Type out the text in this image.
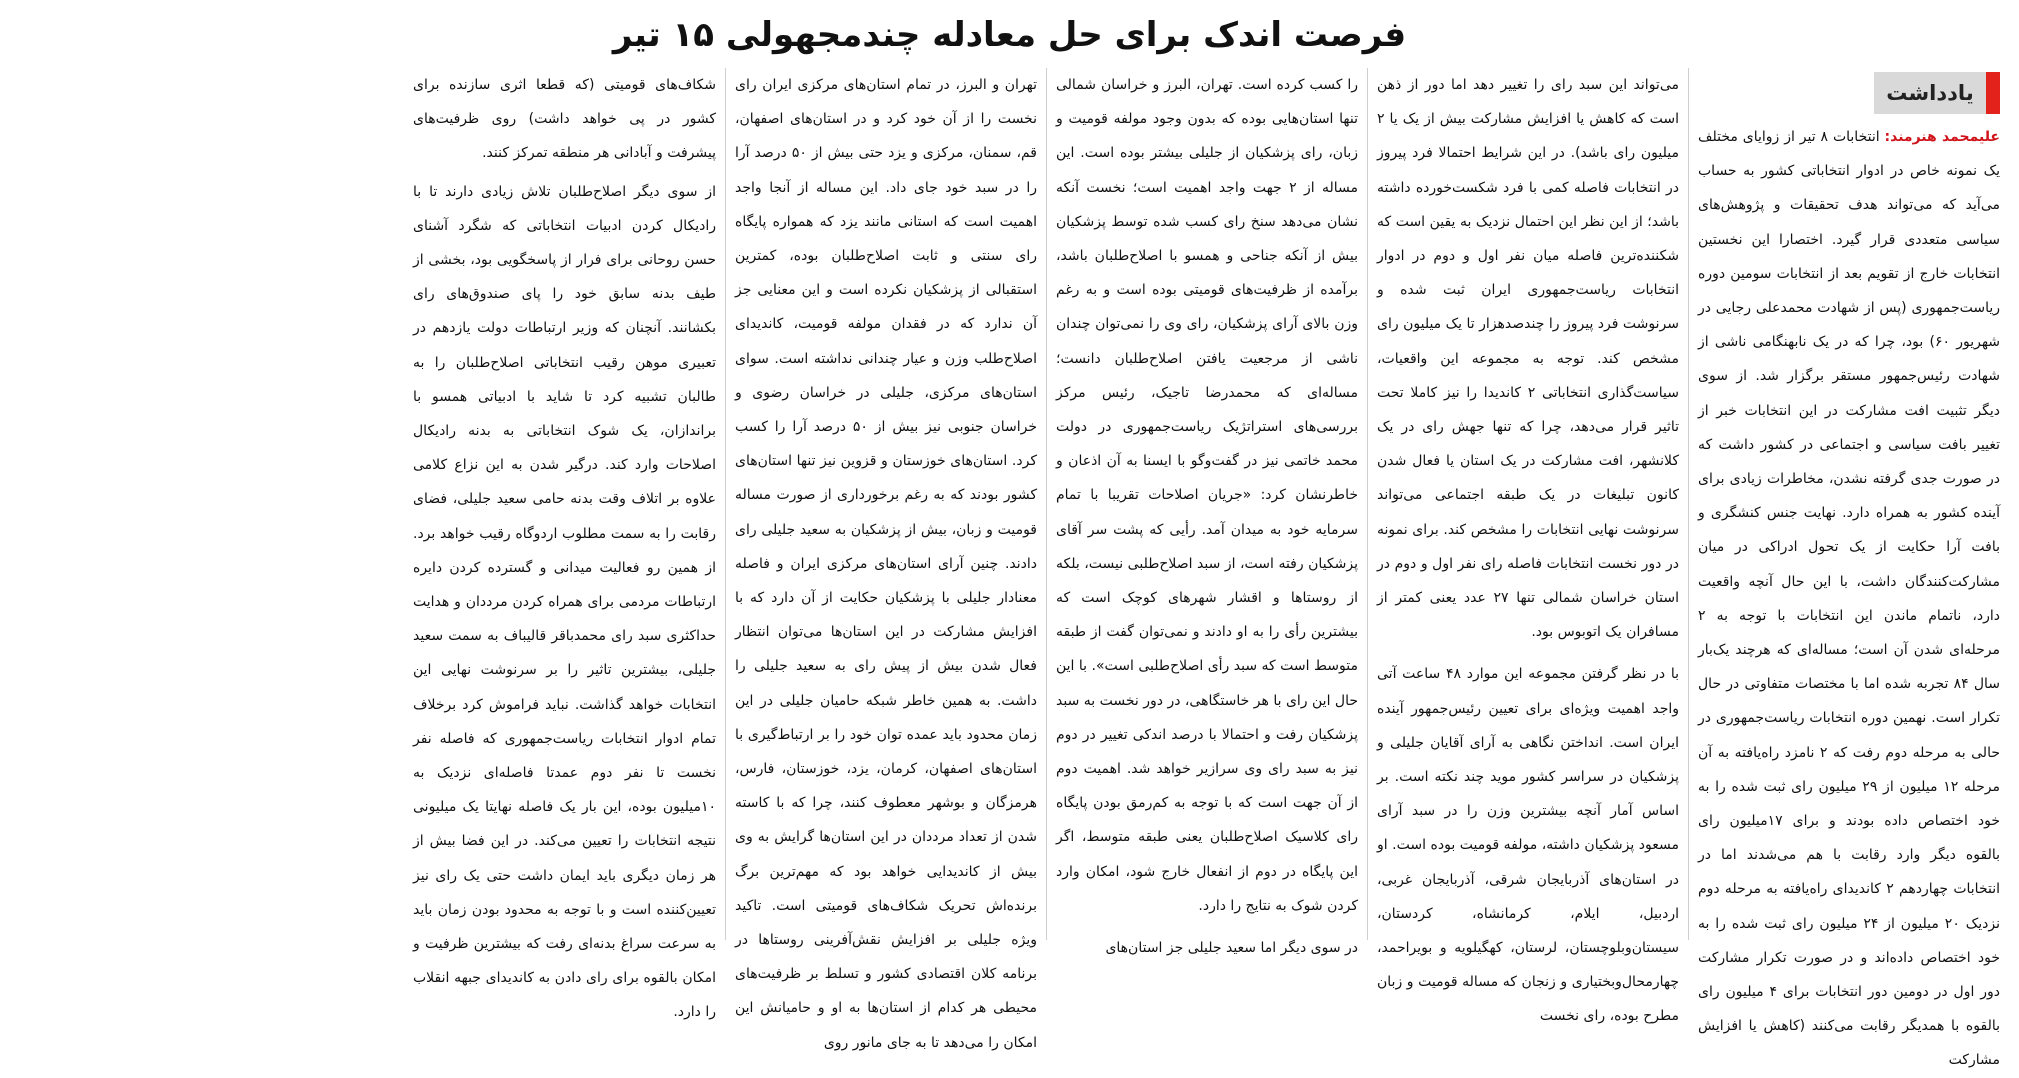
فرصت اندک برای حل معادله چندمجهولی ۱۵ تیر
یادداشت

علیمحمد هنرمند: انتخابات ۸ تیر از زوایای مختلف یک نمونه خاص در ادوار انتخاباتی کشور به حساب می‌آید که می‌تواند هدف تحقیقات و پژوهش‌های سیاسی متعددی قرار گیرد. اختصارا این نخستین انتخابات خارج از تقویم بعد از انتخابات سومین دوره ریاست‌جمهوری (پس از شهادت محمدعلی رجایی در شهریور ۶۰) بود، چرا که در یک نابهنگامی ناشی از شهادت رئیس‌جمهور مستقر برگزار شد. از سوی دیگر تثبیت افت مشارکت در این انتخابات خبر از تغییر بافت سیاسی و اجتماعی در کشور داشت که در صورت جدی گرفته نشدن، مخاطرات زیادی برای آینده کشور به همراه دارد. نهایت جنس کنشگری و بافت آرا حکایت از یک تحول ادراکی در میان مشارکت‌کنندگان داشت، با این حال آنچه واقعیت دارد، ناتمام ماندن این انتخابات با توجه به ۲ مرحله‌ای شدن آن است؛ مساله‌ای که هرچند یک‌بار سال ۸۴ تجربه شده اما با مختصات متفاوتی در حال تکرار است. نهمین دوره انتخابات ریاست‌جمهوری در حالی به مرحله دوم رفت که ۲ نامزد راه‌یافته به آن مرحله ۱۲ میلیون از ۲۹ میلیون رای ثبت شده را به خود اختصاص داده بودند و برای ۱۷میلیون رای بالقوه دیگر وارد رقابت با هم می‌شدند اما در انتخابات چهاردهم ۲ کاندیدای راه‌یافته به مرحله دوم نزدیک ۲۰ میلیون از ۲۴ میلیون رای ثبت شده را به خود اختصاص داده‌اند و در صورت تکرار مشارکت دور اول در دومین دور انتخابات برای ۴ میلیون رای بالقوه با همدیگر رقابت می‌کنند (کاهش یا افزایش مشارکت

می‌تواند این سبد رای را تغییر دهد اما دور از ذهن است که کاهش یا افزایش مشارکت بیش از یک یا ۲ میلیون رای باشد). در این شرایط احتمالا فرد پیروز در انتخابات فاصله کمی با فرد شکست‌خورده داشته باشد؛ از این نظر این احتمال نزدیک به یقین است که شکننده‌ترین فاصله میان نفر اول و دوم در ادوار انتخابات ریاست‌جمهوری ایران ثبت شده و سرنوشت فرد پیروز را چندصدهزار تا یک میلیون رای مشخص کند. توجه به مجموعه این واقعیات، سیاست‌گذاری انتخاباتی ۲ کاندیدا را نیز کاملا تحت تاثیر قرار می‌دهد، چرا که تنها جهش رای در یک کلانشهر، افت مشارکت در یک استان یا فعال شدن کانون تبلیغات در یک طبقه اجتماعی می‌تواند سرنوشت نهایی انتخابات را مشخص کند. برای نمونه در دور نخست انتخابات فاصله رای نفر اول و دوم در استان خراسان شمالی تنها ۲۷ عدد یعنی کمتر از مسافران یک اتوبوس بود.

با در نظر گرفتن مجموعه این موارد ۴۸ ساعت آتی واجد اهمیت ویژه‌ای برای تعیین رئیس‌جمهور آینده ایران است. انداختن نگاهی به آرای آقایان جلیلی و پزشکیان در سراسر کشور موید چند نکته است. بر اساس آمار آنچه بیشترین وزن را در سبد آرای مسعود پزشکیان داشته، مولفه قومیت بوده است. او در استان‌های آذربایجان شرقی، آذربایجان غربی، اردبیل، ایلام، کرمانشاه، کردستان، سیستان‌وبلوچستان، لرستان، کهگیلویه و بویراحمد، چهارمحال‌وبختیاری و زنجان که مساله قومیت و زبان مطرح بوده، رای نخست

را کسب کرده است. تهران، البرز و خراسان شمالی تنها استان‌هایی بوده که بدون وجود مولفه قومیت و زبان، رای پزشکیان از جلیلی بیشتر بوده است. این مساله از ۲ جهت واجد اهمیت است؛ نخست آنکه نشان می‌دهد سنخ رای کسب شده توسط پزشکیان بیش از آنکه جناحی و همسو با اصلاح‌طلبان باشد، برآمده از ظرفیت‌های قومیتی بوده است و به رغم وزن بالای آرای پزشکیان، رای وی را نمی‌توان چندان ناشی از مرجعیت یافتن اصلاح‌طلبان دانست؛ مساله‌ای که محمدرضا تاجیک، رئیس مرکز بررسی‌های استراتژیک ریاست‌جمهوری در دولت محمد خاتمی نیز در گفت‌وگو با ایسنا به آن اذعان و خاطرنشان کرد: «جریان اصلاحات تقریبا با تمام سرمایه خود به میدان آمد. رأیی که پشت سر آقای پزشکیان رفته است، از سبد اصلاح‌طلبی نیست، بلکه از روستاها و اقشار شهرهای کوچک است که بیشترین رأی را به او دادند و نمی‌توان گفت از طبقه متوسط است که سبد رأی اصلاح‌طلبی است». با این حال این رای با هر خاستگاهی، در دور نخست به سبد پزشکیان رفت و احتمالا با درصد اندکی تغییر در دوم نیز به سبد رای وی سرازیر خواهد شد. اهمیت دوم از آن جهت است که با توجه به کم‌رمق بودن پایگاه رای کلاسیک اصلاح‌طلبان یعنی طبقه متوسط، اگر این پایگاه در دوم از انفعال خارج شود، امکان وارد کردن شوک به نتایج را دارد.

در سوی دیگر اما سعید جلیلی جز استان‌های

تهران و البرز، در تمام استان‌های مرکزی ایران رای نخست را از آن خود کرد و در استان‌های اصفهان، قم، سمنان، مرکزی و یزد حتی بیش از ۵۰ درصد آرا را در سبد خود جای داد. این مساله از آنجا واجد اهمیت است که استانی مانند یزد که همواره پایگاه رای سنتی و ثابت اصلاح‌طلبان بوده، کمترین استقبالی از پزشکیان نکرده است و این معنایی جز آن ندارد که در فقدان مولفه قومیت، کاندیدای اصلاح‌طلب وزن و عیار چندانی نداشته است. سوای استان‌های مرکزی، جلیلی در خراسان رضوی و خراسان جنوبی نیز بیش از ۵۰ درصد آرا را کسب کرد. استان‌های خوزستان و قزوین نیز تنها استان‌های کشور بودند که به رغم برخورداری از صورت مساله قومیت و زبان، بیش از پزشکیان به سعید جلیلی رای دادند. چنین آرای استان‌های مرکزی ایران و فاصله معنادار جلیلی با پزشکیان حکایت از آن دارد که با افزایش مشارکت در این استان‌ها می‌توان انتظار فعال شدن بیش از پیش رای به سعید جلیلی را داشت. به همین خاطر شبکه حامیان جلیلی در این زمان محدود باید عمده توان خود را بر ارتباط‌گیری با استان‌های اصفهان، کرمان، یزد، خوزستان، فارس، هرمزگان و بوشهر معطوف کنند، چرا که با کاسته شدن از تعداد مرددان در این استان‌ها گرایش به وی بیش از کاندیدایی خواهد بود که مهم‌ترین برگ برنده‌اش تحریک شکاف‌های قومیتی است. تاکید ویژه جلیلی بر افزایش نقش‌آفرینی روستاها در برنامه کلان اقتصادی کشور و تسلط بر ظرفیت‌های محیطی هر کدام از استان‌ها به او و حامیانش این امکان را می‌دهد تا به جای مانور روی

شکاف‌های قومیتی (که قطعا اثری سازنده برای کشور در پی خواهد داشت) روی ظرفیت‌های پیشرفت و آبادانی هر منطقه تمرکز کنند.

از سوی دیگر اصلاح‌طلبان تلاش زیادی دارند تا با رادیکال کردن ادبیات انتخاباتی که شگرد آشنای حسن روحانی برای فرار از پاسخگویی بود، بخشی از طیف بدنه سابق خود را پای صندوق‌های رای بکشانند. آنچنان که وزیر ارتباطات دولت یازدهم در تعبیری موهن رقیب انتخاباتی اصلاح‌طلبان را به طالبان تشبیه کرد تا شاید با ادبیاتی همسو با براندازان، یک شوک انتخاباتی به بدنه رادیکال اصلاحات وارد کند. درگیر شدن به این نزاع کلامی علاوه بر اتلاف وقت بدنه حامی سعید جلیلی، فضای رقابت را به سمت مطلوب اردوگاه رقیب خواهد برد. از همین رو فعالیت میدانی و گسترده کردن دایره ارتباطات مردمی برای همراه کردن مرددان و هدایت حداکثری سبد رای محمدباقر قالیباف به سمت سعید جلیلی، بیشترین تاثیر را بر سرنوشت نهایی این انتخابات خواهد گذاشت. نباید فراموش کرد برخلاف تمام ادوار انتخابات ریاست‌جمهوری که فاصله نفر نخست تا نفر دوم عمدتا فاصله‌ای نزدیک به ۱۰میلیون بوده، این بار یک فاصله نهایتا یک میلیونی نتیجه انتخابات را تعیین می‌کند. در این فضا بیش از هر زمان دیگری باید ایمان داشت حتی یک رای نیز تعیین‌کننده است و با توجه به محدود بودن زمان باید به سرعت سراغ بدنه‌ای رفت که بیشترین ظرفیت و امکان بالقوه برای رای دادن به کاندیدای جبهه انقلاب را دارد.
